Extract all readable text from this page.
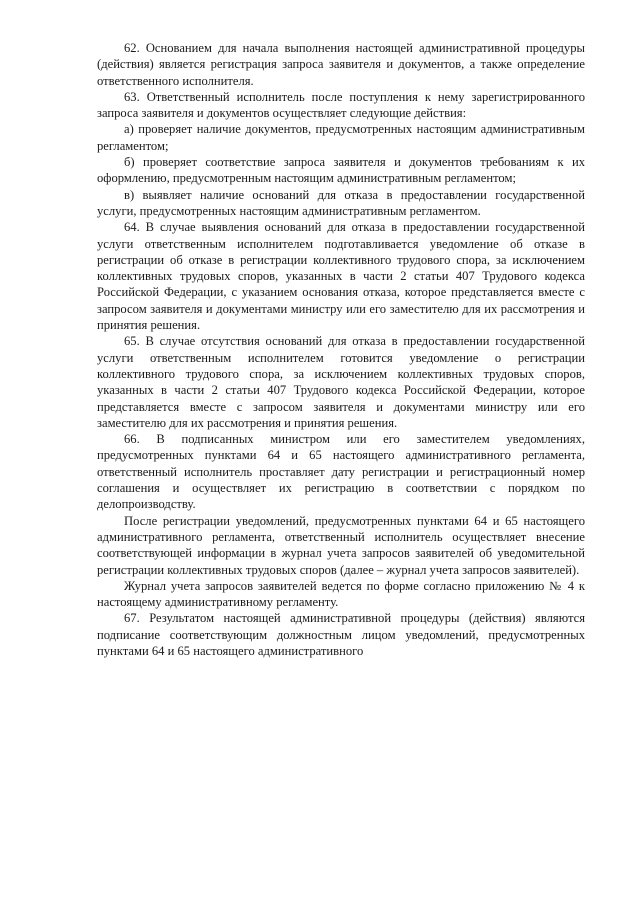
62. Основанием для начала выполнения настоящей административной процедуры (действия) является регистрация запроса заявителя и документов, а также определение ответственного исполнителя.

63. Ответственный исполнитель после поступления к нему зарегистрированного запроса заявителя и документов осуществляет следующие действия:

а) проверяет наличие документов, предусмотренных настоящим административным регламентом;

б) проверяет соответствие запроса заявителя и документов требованиям к их оформлению, предусмотренным настоящим административным регламентом;

в) выявляет наличие оснований для отказа в предоставлении государственной услуги, предусмотренных настоящим административным регламентом.

64. В случае выявления оснований для отказа в предоставлении государственной услуги ответственным исполнителем подготавливается уведомление об отказе в регистрации об отказе в регистрации коллективного трудового спора, за исключением коллективных трудовых споров, указанных в части 2 статьи 407 Трудового кодекса Российской Федерации, с указанием основания отказа, которое представляется вместе с запросом заявителя и документами министру или его заместителю для их рассмотрения и принятия решения.

65. В случае отсутствия оснований для отказа в предоставлении государственной услуги ответственным исполнителем готовится уведомление о регистрации коллективного трудового спора, за исключением коллективных трудовых споров, указанных в части 2 статьи 407 Трудового кодекса Российской Федерации, которое представляется вместе с запросом заявителя и документами министру или его заместителю для их рассмотрения и принятия решения.

66. В подписанных министром или его заместителем уведомлениях, предусмотренных пунктами 64 и 65 настоящего административного регламента, ответственный исполнитель проставляет дату регистрации и регистрационный номер соглашения и осуществляет их регистрацию в соответствии с порядком по делопроизводству.

После регистрации уведомлений, предусмотренных пунктами 64 и 65 настоящего административного регламента, ответственный исполнитель осуществляет внесение соответствующей информации в журнал учета запросов заявителей об уведомительной регистрации коллективных трудовых споров (далее – журнал учета запросов заявителей).

Журнал учета запросов заявителей ведется по форме согласно приложению № 4 к настоящему административному регламенту.

67. Результатом настоящей административной процедуры (действия) являются подписание соответствующим должностным лицом уведомлений, предусмотренных пунктами 64 и 65 настоящего административного
